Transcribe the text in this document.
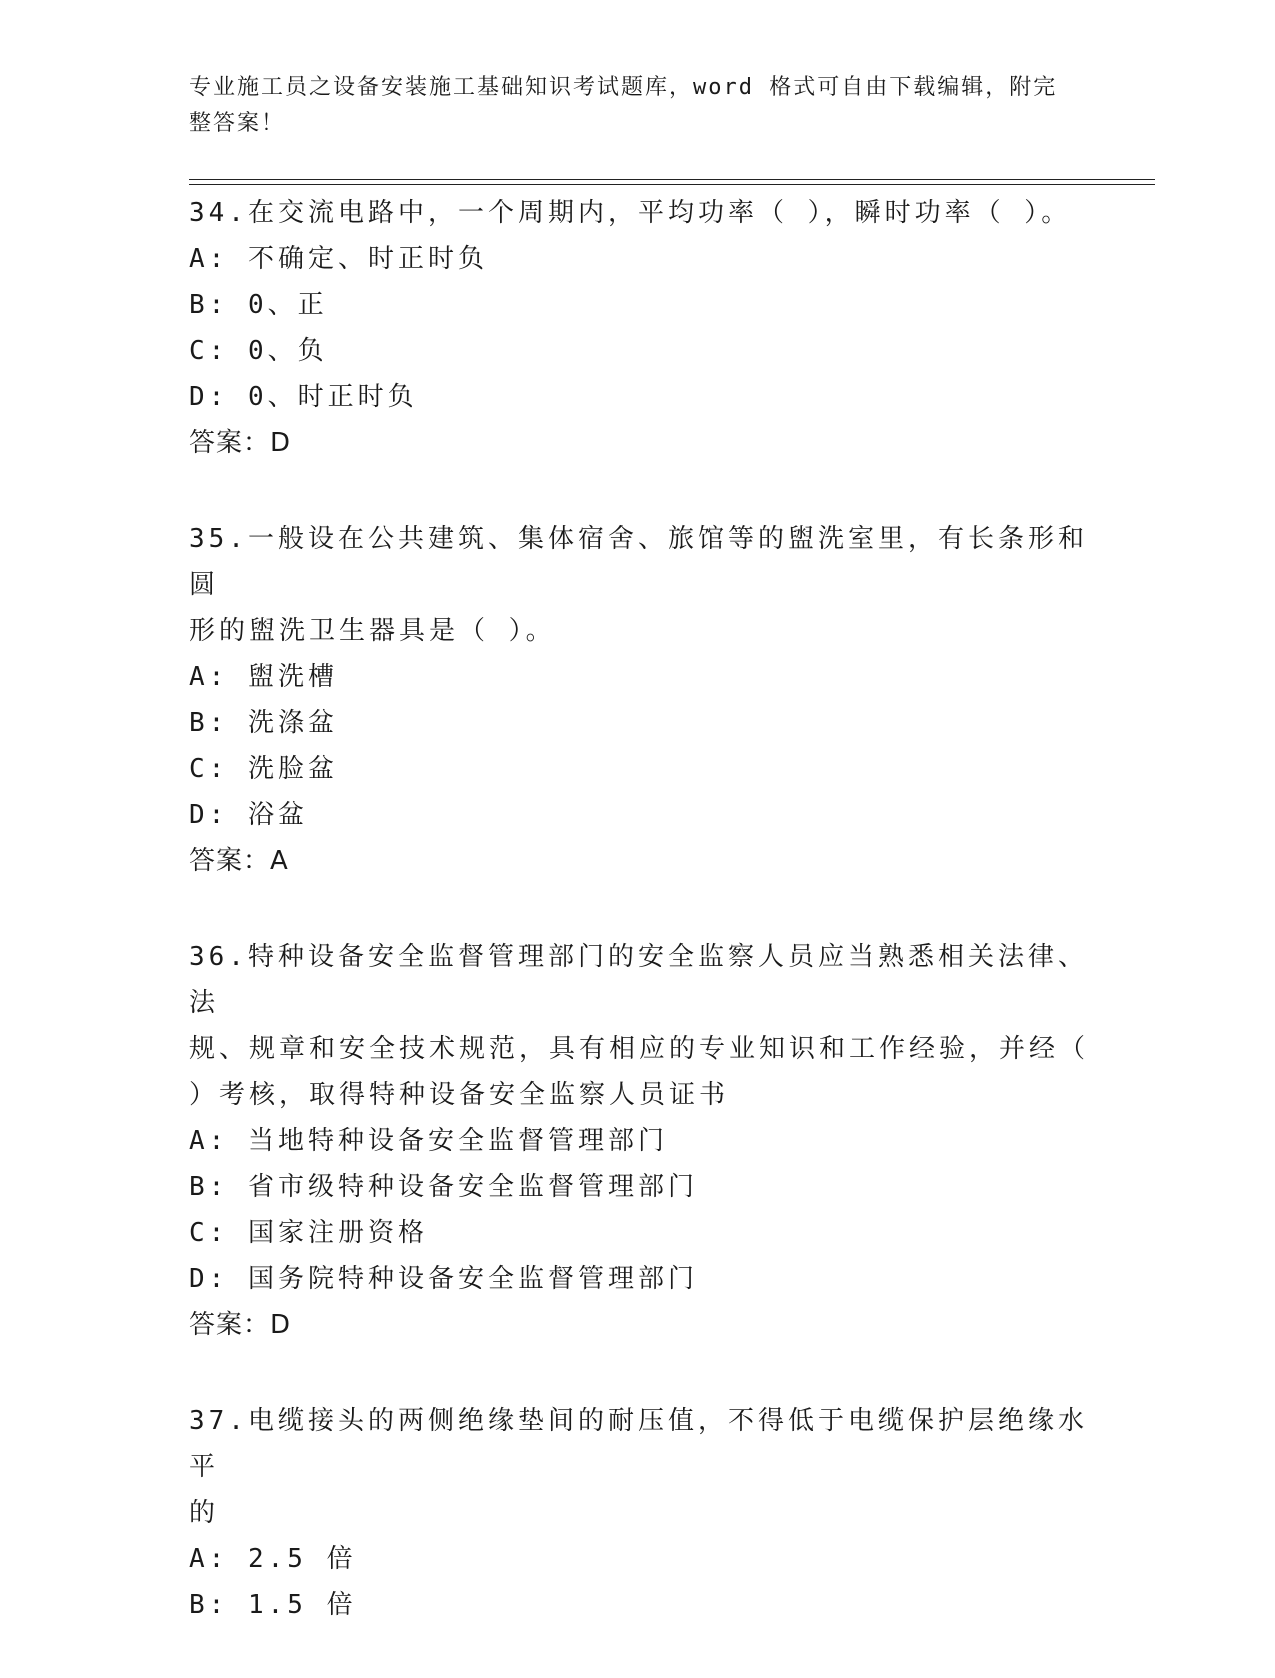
专业施工员之设备安装施工基础知识考试题库，word 格式可自由下载编辑，附完
整答案！
34.在交流电路中，一个周期内，平均功率（ ），瞬时功率（ ）。
A: 不确定、时正时负
B: 0、正
C: 0、负
D: 0、时正时负
答案：D
35.一般设在公共建筑、集体宿舍、旅馆等的盥洗室里，有长条形和圆
形的盥洗卫生器具是（ ）。
A: 盥洗槽
B: 洗涤盆
C: 洗脸盆
D: 浴盆
答案：A
36.特种设备安全监督管理部门的安全监察人员应当熟悉相关法律、法
规、规章和安全技术规范，具有相应的专业知识和工作经验，并经（
）考核，取得特种设备安全监察人员证书
A: 当地特种设备安全监督管理部门
B: 省市级特种设备安全监督管理部门
C: 国家注册资格
D: 国务院特种设备安全监督管理部门
答案：D
37.电缆接头的两侧绝缘垫间的耐压值，不得低于电缆保护层绝缘水平
的
A: 2.5 倍
B: 1.5 倍
